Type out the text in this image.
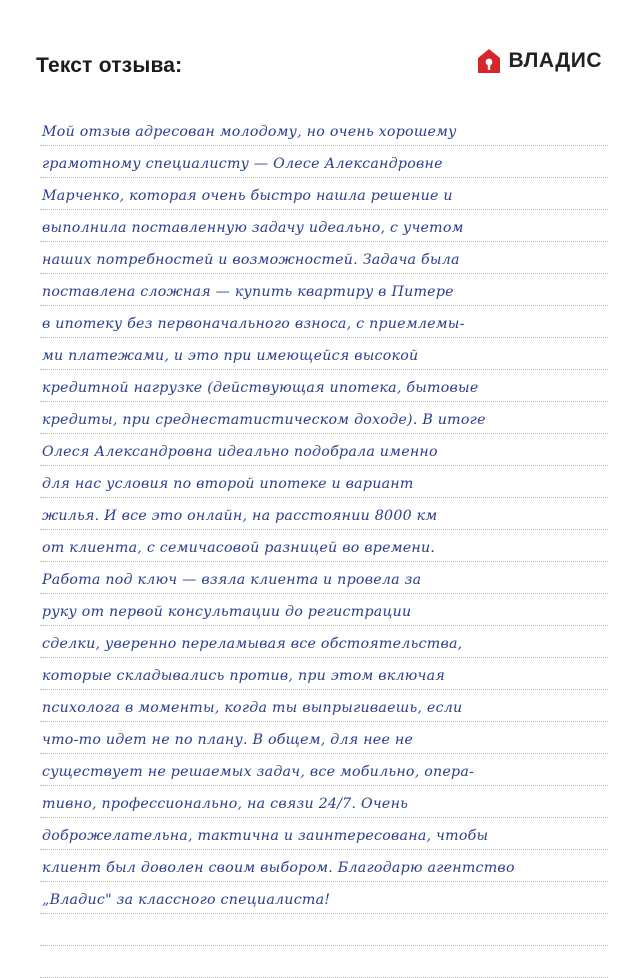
Текст отзыва:	ВЛАДИС
Мой отзыв адресован молодому, но очень хорошему
грамотному специалисту — Олесе Александровне
Марченко, которая очень быстро нашла решение и
выполнила поставленную задачу идеально, с учетом
наших потребностей и возможностей. Задача была
поставлена сложная — купить квартиру в Питере
в ипотеку без первоначального взноса, с приемлемы-
ми платежами, и это при имеющейся высокой
кредитной нагрузке (действующая ипотека, бытовые
кредиты, при среднестатистическом доходе). В итоге
Олеся Александровна идеально подобрала именно
для нас условия по второй ипотеке и вариант
жилья. И все это онлайн, на расстоянии 8000 км
от клиента, с семичасовой разницей во времени.
Работа под ключ — взяла клиента и провела за
руку от первой консультации до регистрации
сделки, уверенно переламывая все обстоятельства,
которые складывались против, при этом включая
психолога в моменты, когда ты выпрыгиваешь, если
что-то идет не по плану. В общем, для нее не
существует не решаемых задач, все мобильно, опера-
тивно, профессионально, на связи 24/7. Очень
доброжелательна, тактична и заинтересована, чтобы
клиент был доволен своим выбором. Благодарю агентство
„Владис" за классного специалиста!
